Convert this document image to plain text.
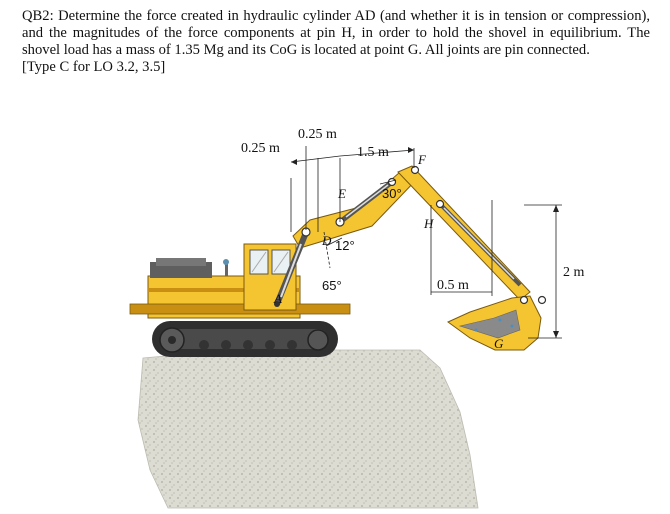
QB2: Determine the force created in hydraulic cylinder AD (and whether it is in tension or compression), and the magnitudes of the force components at pin H, in order to hold the shovel in equilibrium. The shovel load has a mass of 1.35 Mg and its CoG is located at point G. All joints are pin connected.

[Type C for LO 3.2, 3.5]

0.25 m
0.25 m	1.5 m
0.5 m
2 m
F
E
H
D
A
G
30°
12°
65°
